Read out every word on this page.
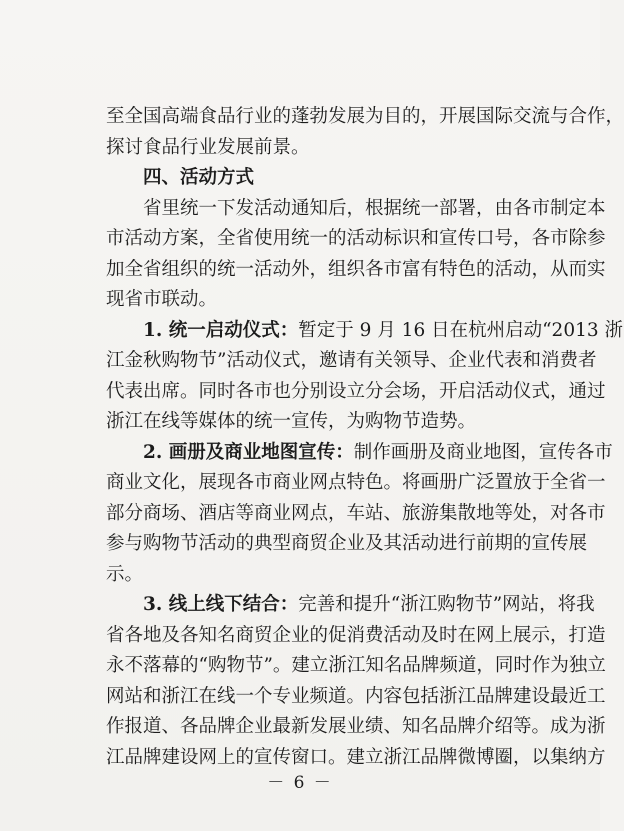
至全国高端食品行业的蓬勃发展为目的，开展国际交流与合作，
探讨食品行业发展前景。
四、活动方式
省里统一下发活动通知后，根据统一部署，由各市制定本
市活动方案，全省使用统一的活动标识和宣传口号，各市除参
加全省组织的统一活动外，组织各市富有特色的活动，从而实
现省市联动。
1. 统一启动仪式：暂定于 9 月 16 日在杭州启动“2013 浙
江金秋购物节”活动仪式，邀请有关领导、企业代表和消费者
代表出席。同时各市也分别设立分会场，开启活动仪式，通过
浙江在线等媒体的统一宣传，为购物节造势。
2. 画册及商业地图宣传：制作画册及商业地图，宣传各市
商业文化，展现各市商业网点特色。将画册广泛置放于全省一
部分商场、酒店等商业网点，车站、旅游集散地等处，对各市
参与购物节活动的典型商贸企业及其活动进行前期的宣传展
示。
3. 线上线下结合：完善和提升“浙江购物节”网站，将我
省各地及各知名商贸企业的促消费活动及时在网上展示，打造
永不落幕的“购物节”。建立浙江知名品牌频道，同时作为独立
网站和浙江在线一个专业频道。内容包括浙江品牌建设最近工
作报道、各品牌企业最新发展业绩、知名品牌介绍等。成为浙
江品牌建设网上的宣传窗口。建立浙江品牌微博圈，以集纳方
－ 6 －
